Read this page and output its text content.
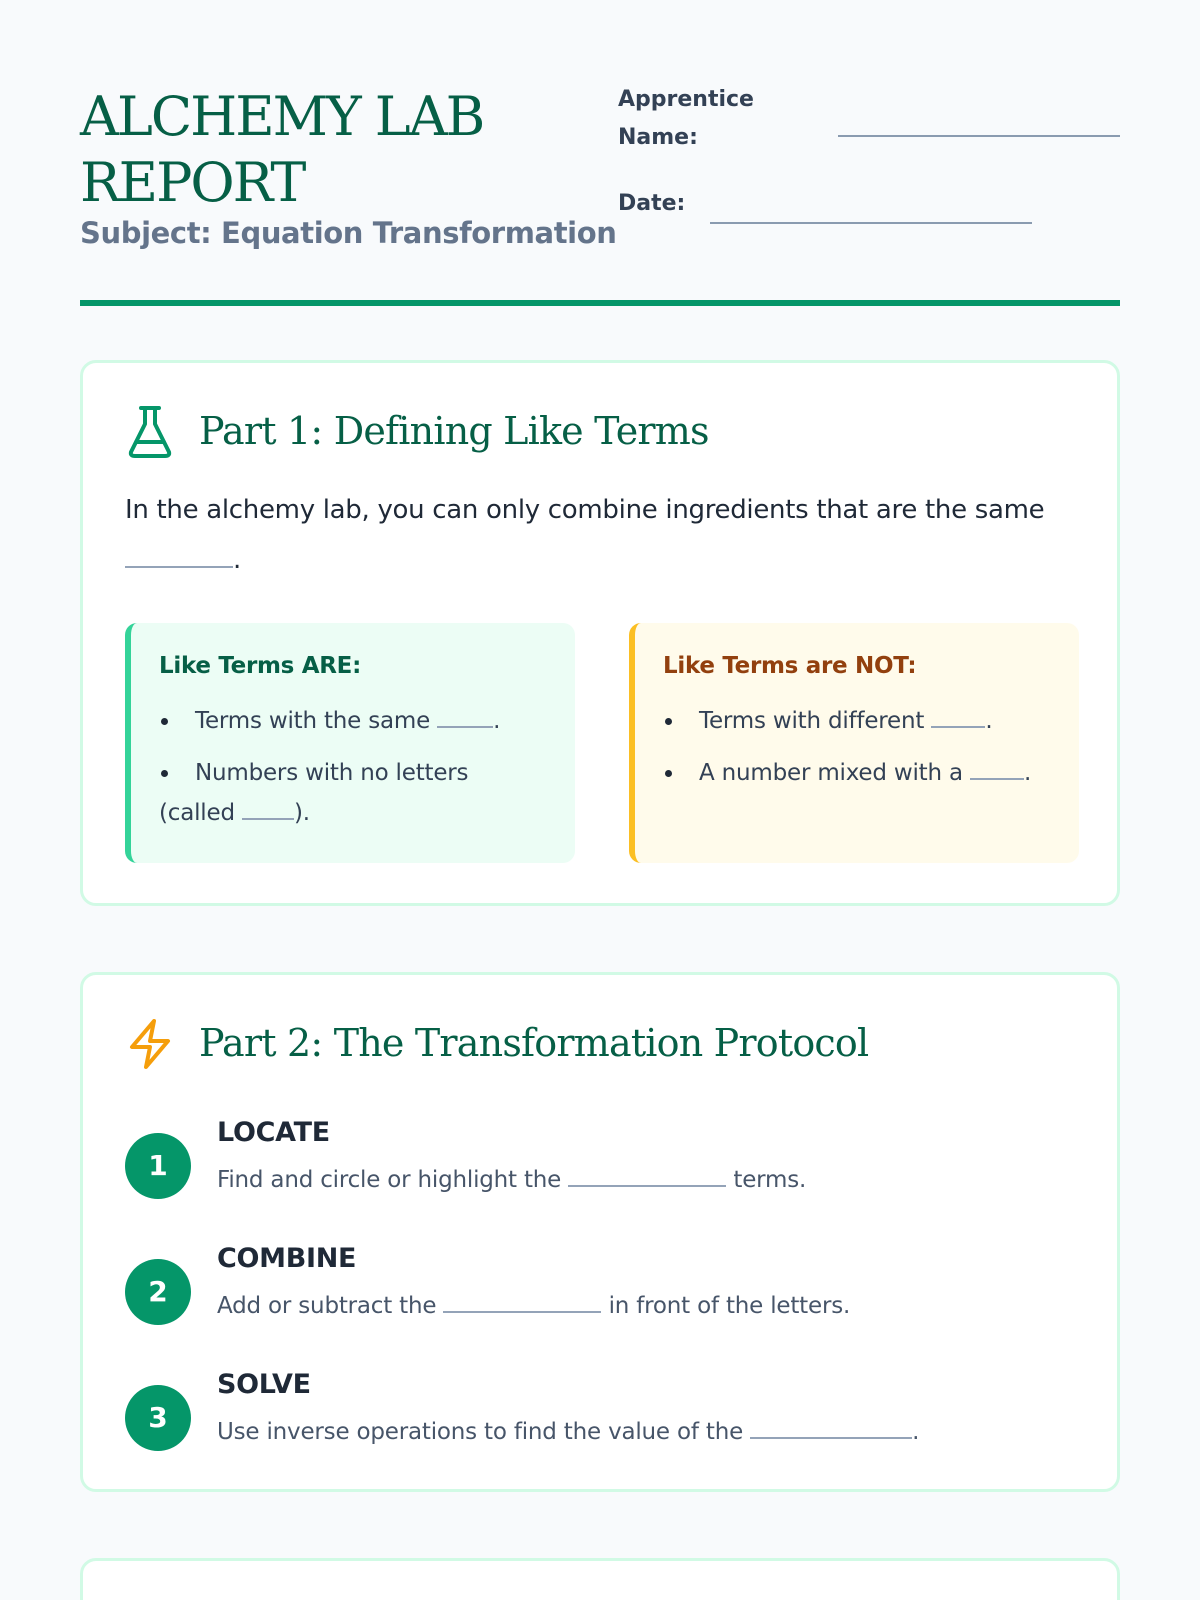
ALCHEMY LAB REPORT
Subject: Equation Transformation
Apprentice
Name:
Date:
Part 1: Defining Like Terms
In the alchemy lab, you can only combine ingredients that are the same
.
Like Terms ARE:
Terms with the same	.
Numbers with no letters (called	).
Like Terms are NOT:
Terms with different	.
A number mixed with a	.
Part 2: The Transformation Protocol
1
LOCATE
Find and circle or highlight the	terms.
2
COMBINE
Add or subtract the	in front of the letters.
3
SOLVE
Use inverse operations to find the value of the	.
